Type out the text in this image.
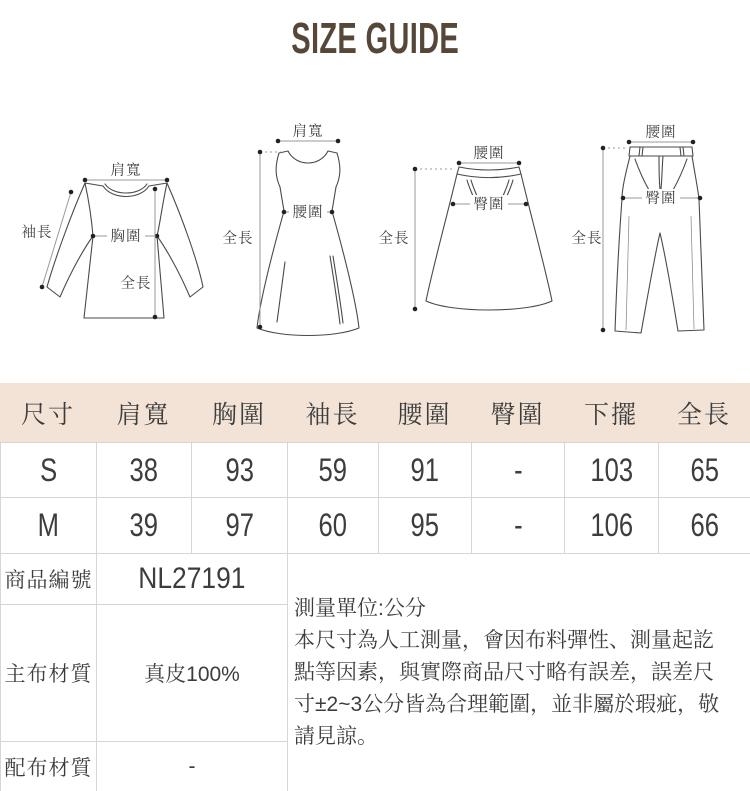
SIZE GUIDE
肩寬
袖長	胸圍
全長
肩寬
腰圍
全長
腰圍
臀圍
全長
腰圍
臀圍
全長
尺寸	肩寬	胸圍	袖長	腰圍	臀圍	下擺	全長
S	38	93	59	91	-	103	65
M	39	97	60	95	-	106	66
商品編號	NL27191	測量單位:公分
本尺寸為人工測量，會因布料彈性、測量起訖點等因素，與實際商品尺寸略有誤差，誤差尺寸±2~3公分皆為合理範圍，並非屬於瑕疵，敬請見諒。

主布材質	真皮100%	
配布材質	-	
